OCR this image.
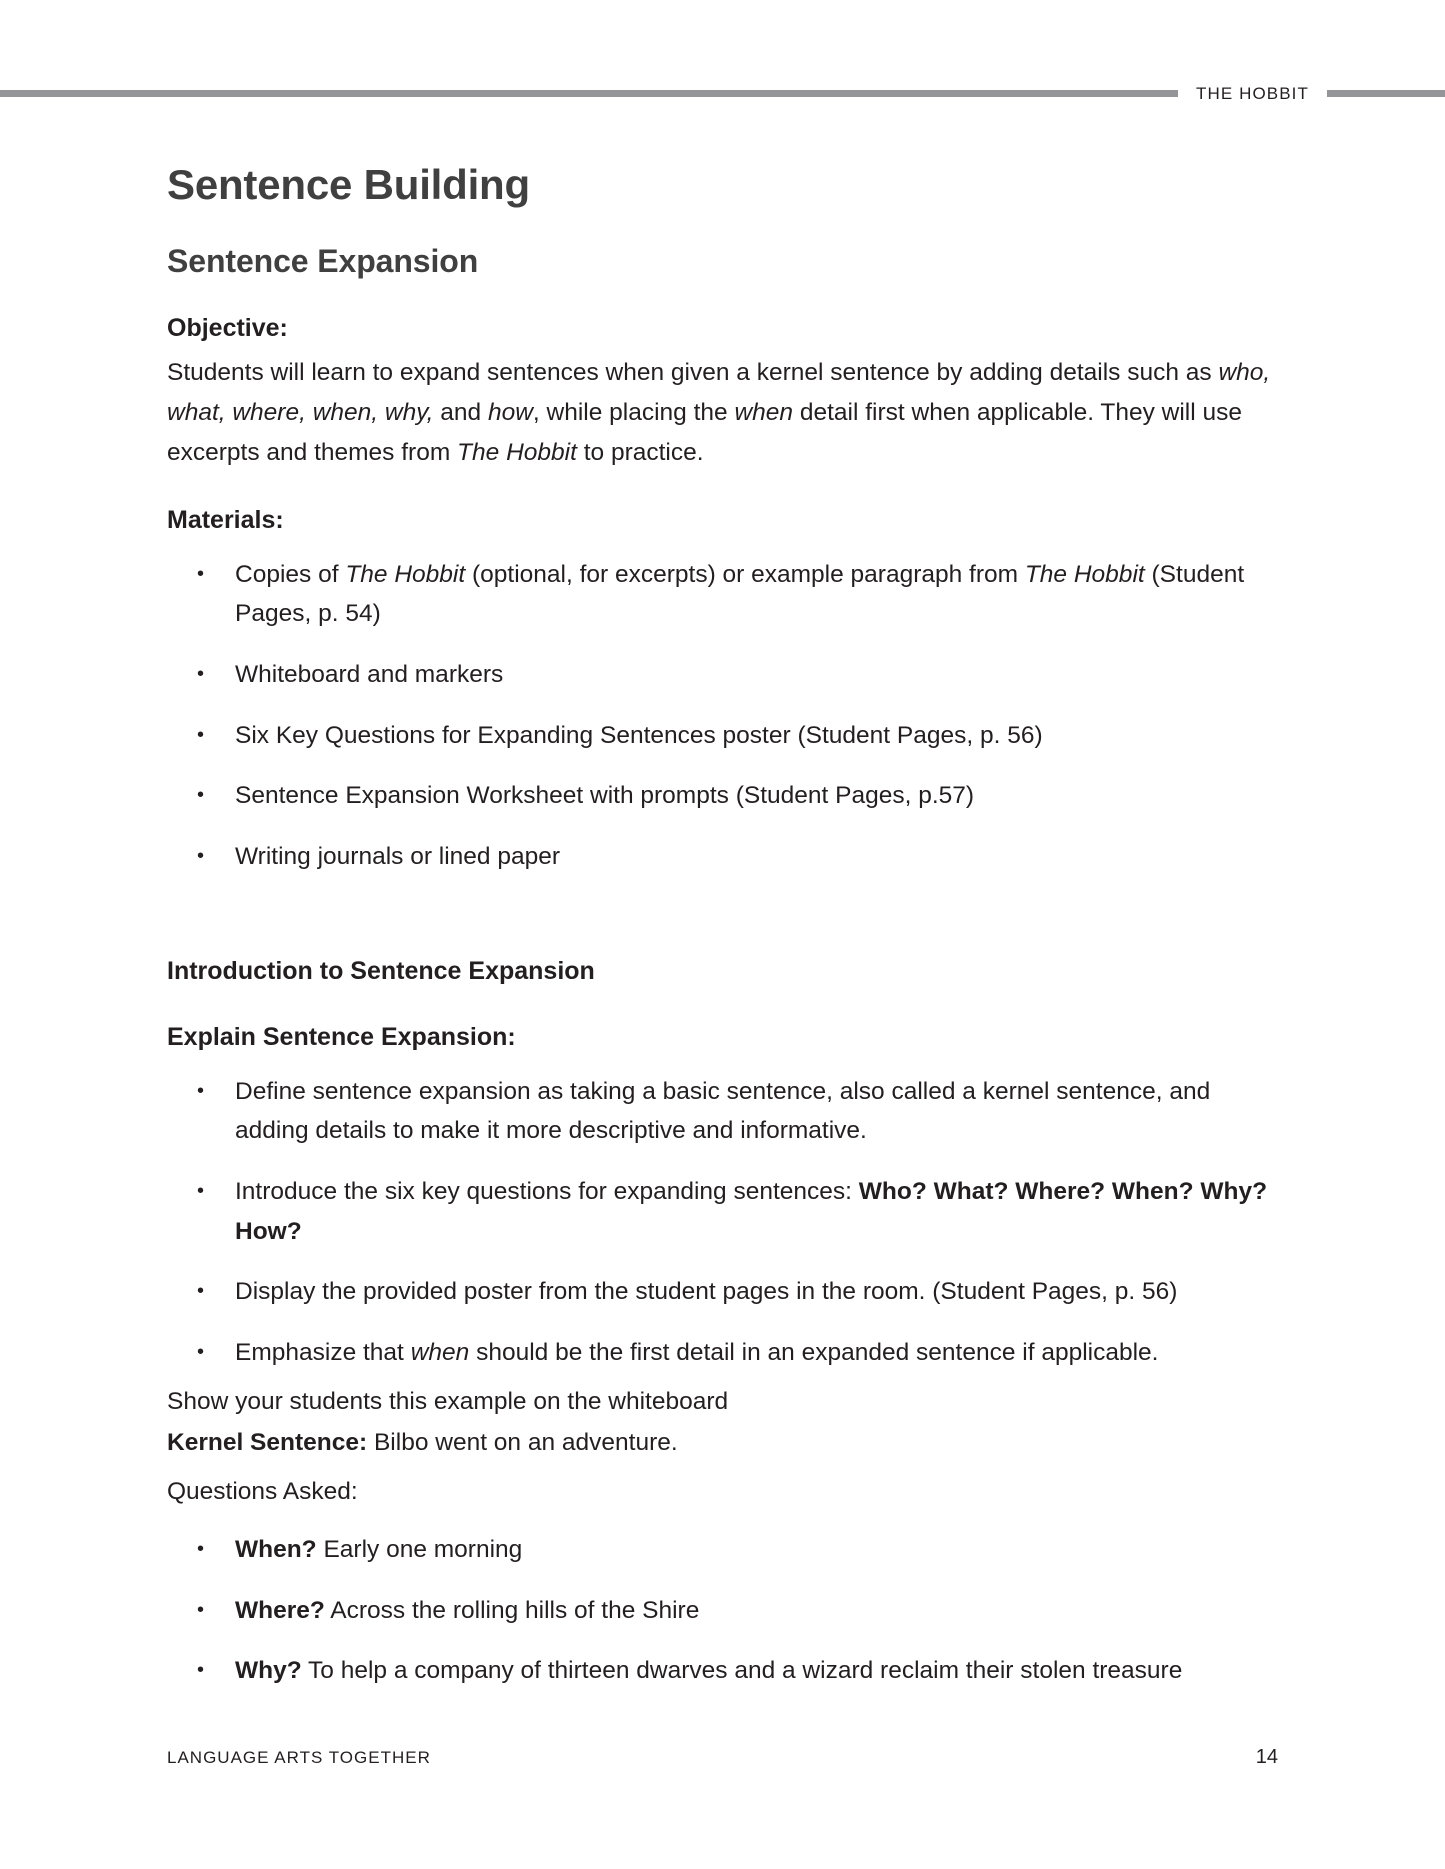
THE HOBBIT
Sentence Building
Sentence Expansion
Objective:

Students will learn to expand sentences when given a kernel sentence by adding details such as who, what, where, when, why, and how, while placing the when detail first when applicable. They will use excerpts and themes from The Hobbit to practice.

Materials:
• Copies of The Hobbit (optional, for excerpts) or example paragraph from The Hobbit (Student Pages, p. 54)
• Whiteboard and markers
• Six Key Questions for Expanding Sentences poster (Student Pages, p. 56)
• Sentence Expansion Worksheet with prompts (Student Pages, p.57)
• Writing journals or lined paper
Introduction to Sentence Expansion
Explain Sentence Expansion:
• Define sentence expansion as taking a basic sentence, also called a kernel sentence, and adding details to make it more descriptive and informative.
• Introduce the six key questions for expanding sentences: Who? What? Where? When? Why? How?
• Display the provided poster from the student pages in the room. (Student Pages, p. 56)
• Emphasize that when should be the first detail in an expanded sentence if applicable.

Show your students this example on the whiteboard

Kernel Sentence: Bilbo went on an adventure.

Questions Asked:

• When? Early one morning
• Where? Across the rolling hills of the Shire
• Why? To help a company of thirteen dwarves and a wizard reclaim their stolen treasure
LANGUAGE ARTS TOGETHER	14
